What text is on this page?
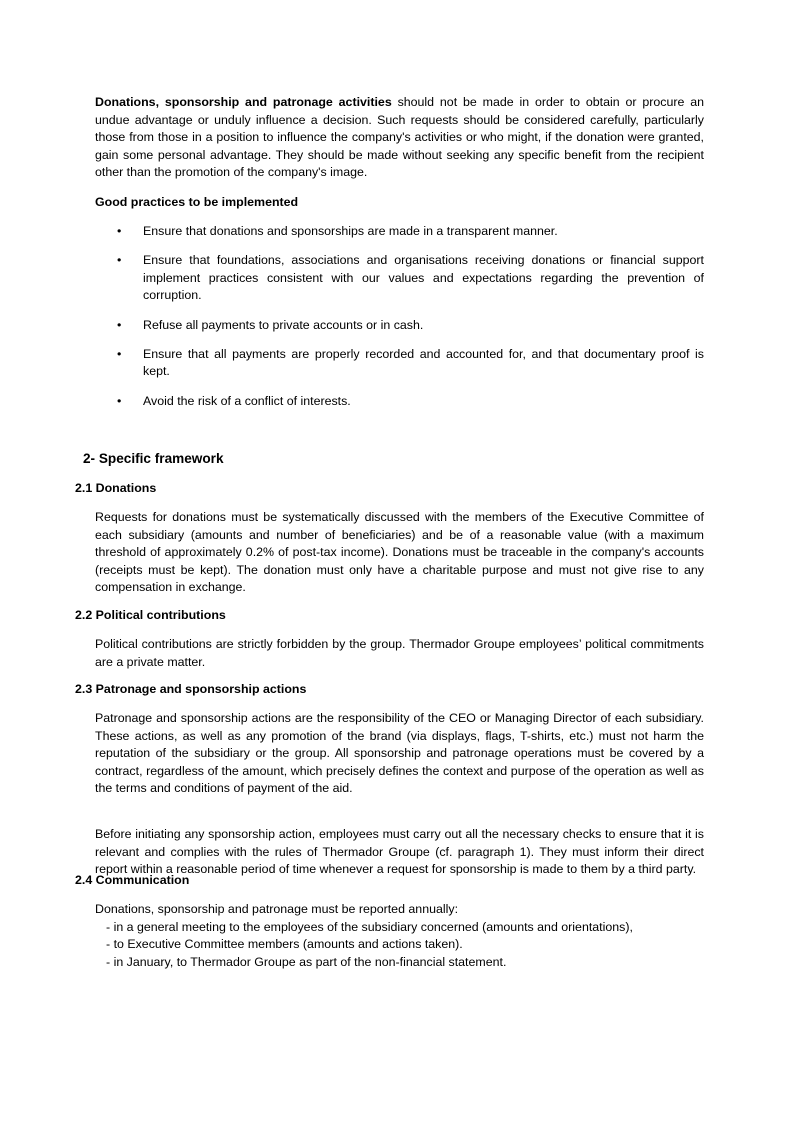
Donations, sponsorship and patronage activities should not be made in order to obtain or procure an undue advantage or unduly influence a decision. Such requests should be considered carefully, particularly those from those in a position to influence the company's activities or who might, if the donation were granted, gain some personal advantage. They should be made without seeking any specific benefit from the recipient other than the promotion of the company's image.

Good practices to be implemented

• Ensure that donations and sponsorships are made in a transparent manner.

• Ensure that foundations, associations and organisations receiving donations or financial support implement practices consistent with our values and expectations regarding the prevention of corruption.

• Refuse all payments to private accounts or in cash.

• Ensure that all payments are properly recorded and accounted for, and that documentary proof is kept.

• Avoid the risk of a conflict of interests.

2- Specific framework

2.1 Donations

Requests for donations must be systematically discussed with the members of the Executive Committee of each subsidiary (amounts and number of beneficiaries) and be of a reasonable value (with a maximum threshold of approximately 0.2% of post-tax income). Donations must be traceable in the company's accounts (receipts must be kept). The donation must only have a charitable purpose and must not give rise to any compensation in exchange.

2.2 Political contributions

Political contributions are strictly forbidden by the group. Thermador Groupe employees’ political commitments are a private matter.

2.3 Patronage and sponsorship actions

Patronage and sponsorship actions are the responsibility of the CEO or Managing Director of each subsidiary. These actions, as well as any promotion of the brand (via displays, flags, T-shirts, etc.) must not harm the reputation of the subsidiary or the group. All sponsorship and patronage operations must be covered by a contract, regardless of the amount, which precisely defines the context and purpose of the operation as well as the terms and conditions of payment of the aid.

Before initiating any sponsorship action, employees must carry out all the necessary checks to ensure that it is relevant and complies with the rules of Thermador Groupe (cf. paragraph 1). They must inform their direct report within a reasonable period of time whenever a request for sponsorship is made to them by a third party.

2.4 Communication

Donations, sponsorship and patronage must be reported annually:

- in a general meeting to the employees of the subsidiary concerned (amounts and orientations),

- to Executive Committee members (amounts and actions taken).

- in January, to Thermador Groupe as part of the non-financial statement.
